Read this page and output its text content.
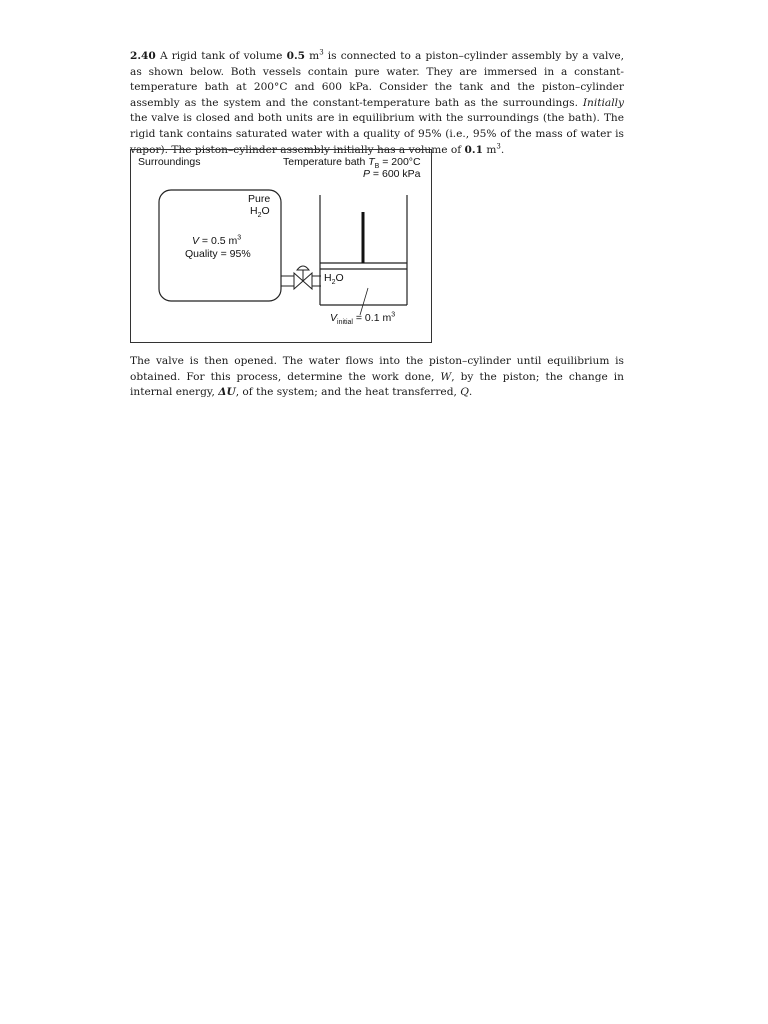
2.40 A rigid tank of volume 0.5 $m^3$ is connected to a piston–cylinder assembly by a valve, as shown below. Both vessels contain pure water. They are immersed in a constant-temperature bath at 200°C and 600 kPa. Consider the tank and the piston–cylinder assembly as the system and the constant-temperature bath as the surroundings. Initially the valve is closed and both units are in equilibrium with the surroundings (the bath). The rigid tank contains saturated water with a quality of 95% (i.e., 95% of the mass of water is vapor). The piston–cylinder assembly initially has a volume of 0.1 $m^3$.
Surroundings	Temperature bath $T_B = 200^\circ C$
P = 600 kPa
Pure
$H_2O$
V = 0.5 $m^3$
Quality = 95%
$H_2O$
$V_{initial} = 0.1$ $m^3$
The valve is then opened. The water flows into the piston–cylinder until equilibrium is obtained. For this process, determine the work done, W, by the piston; the change in internal energy, ΔU, of the system; and the heat transferred, Q.
